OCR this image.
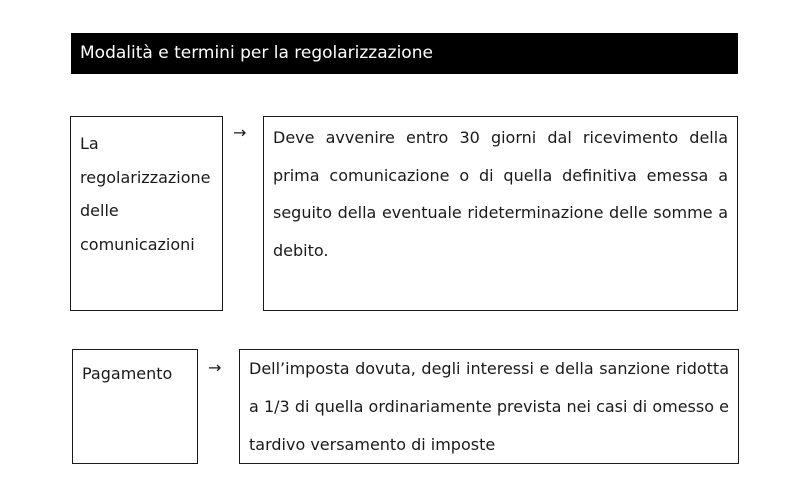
Modalità e termini per la regolarizzazione
La regolarizzazione delle comunicazioni
→	Deve avvenire entro 30 giorni dal ricevimento della prima comunicazione o di quella definitiva emessa a seguito della eventuale rideterminazione delle somme a debito.
Pagamento	→	Dell’imposta dovuta, degli interessi e della sanzione ridotta a 1/3 di quella ordinariamente prevista nei casi di omesso e tardivo versamento di imposte
